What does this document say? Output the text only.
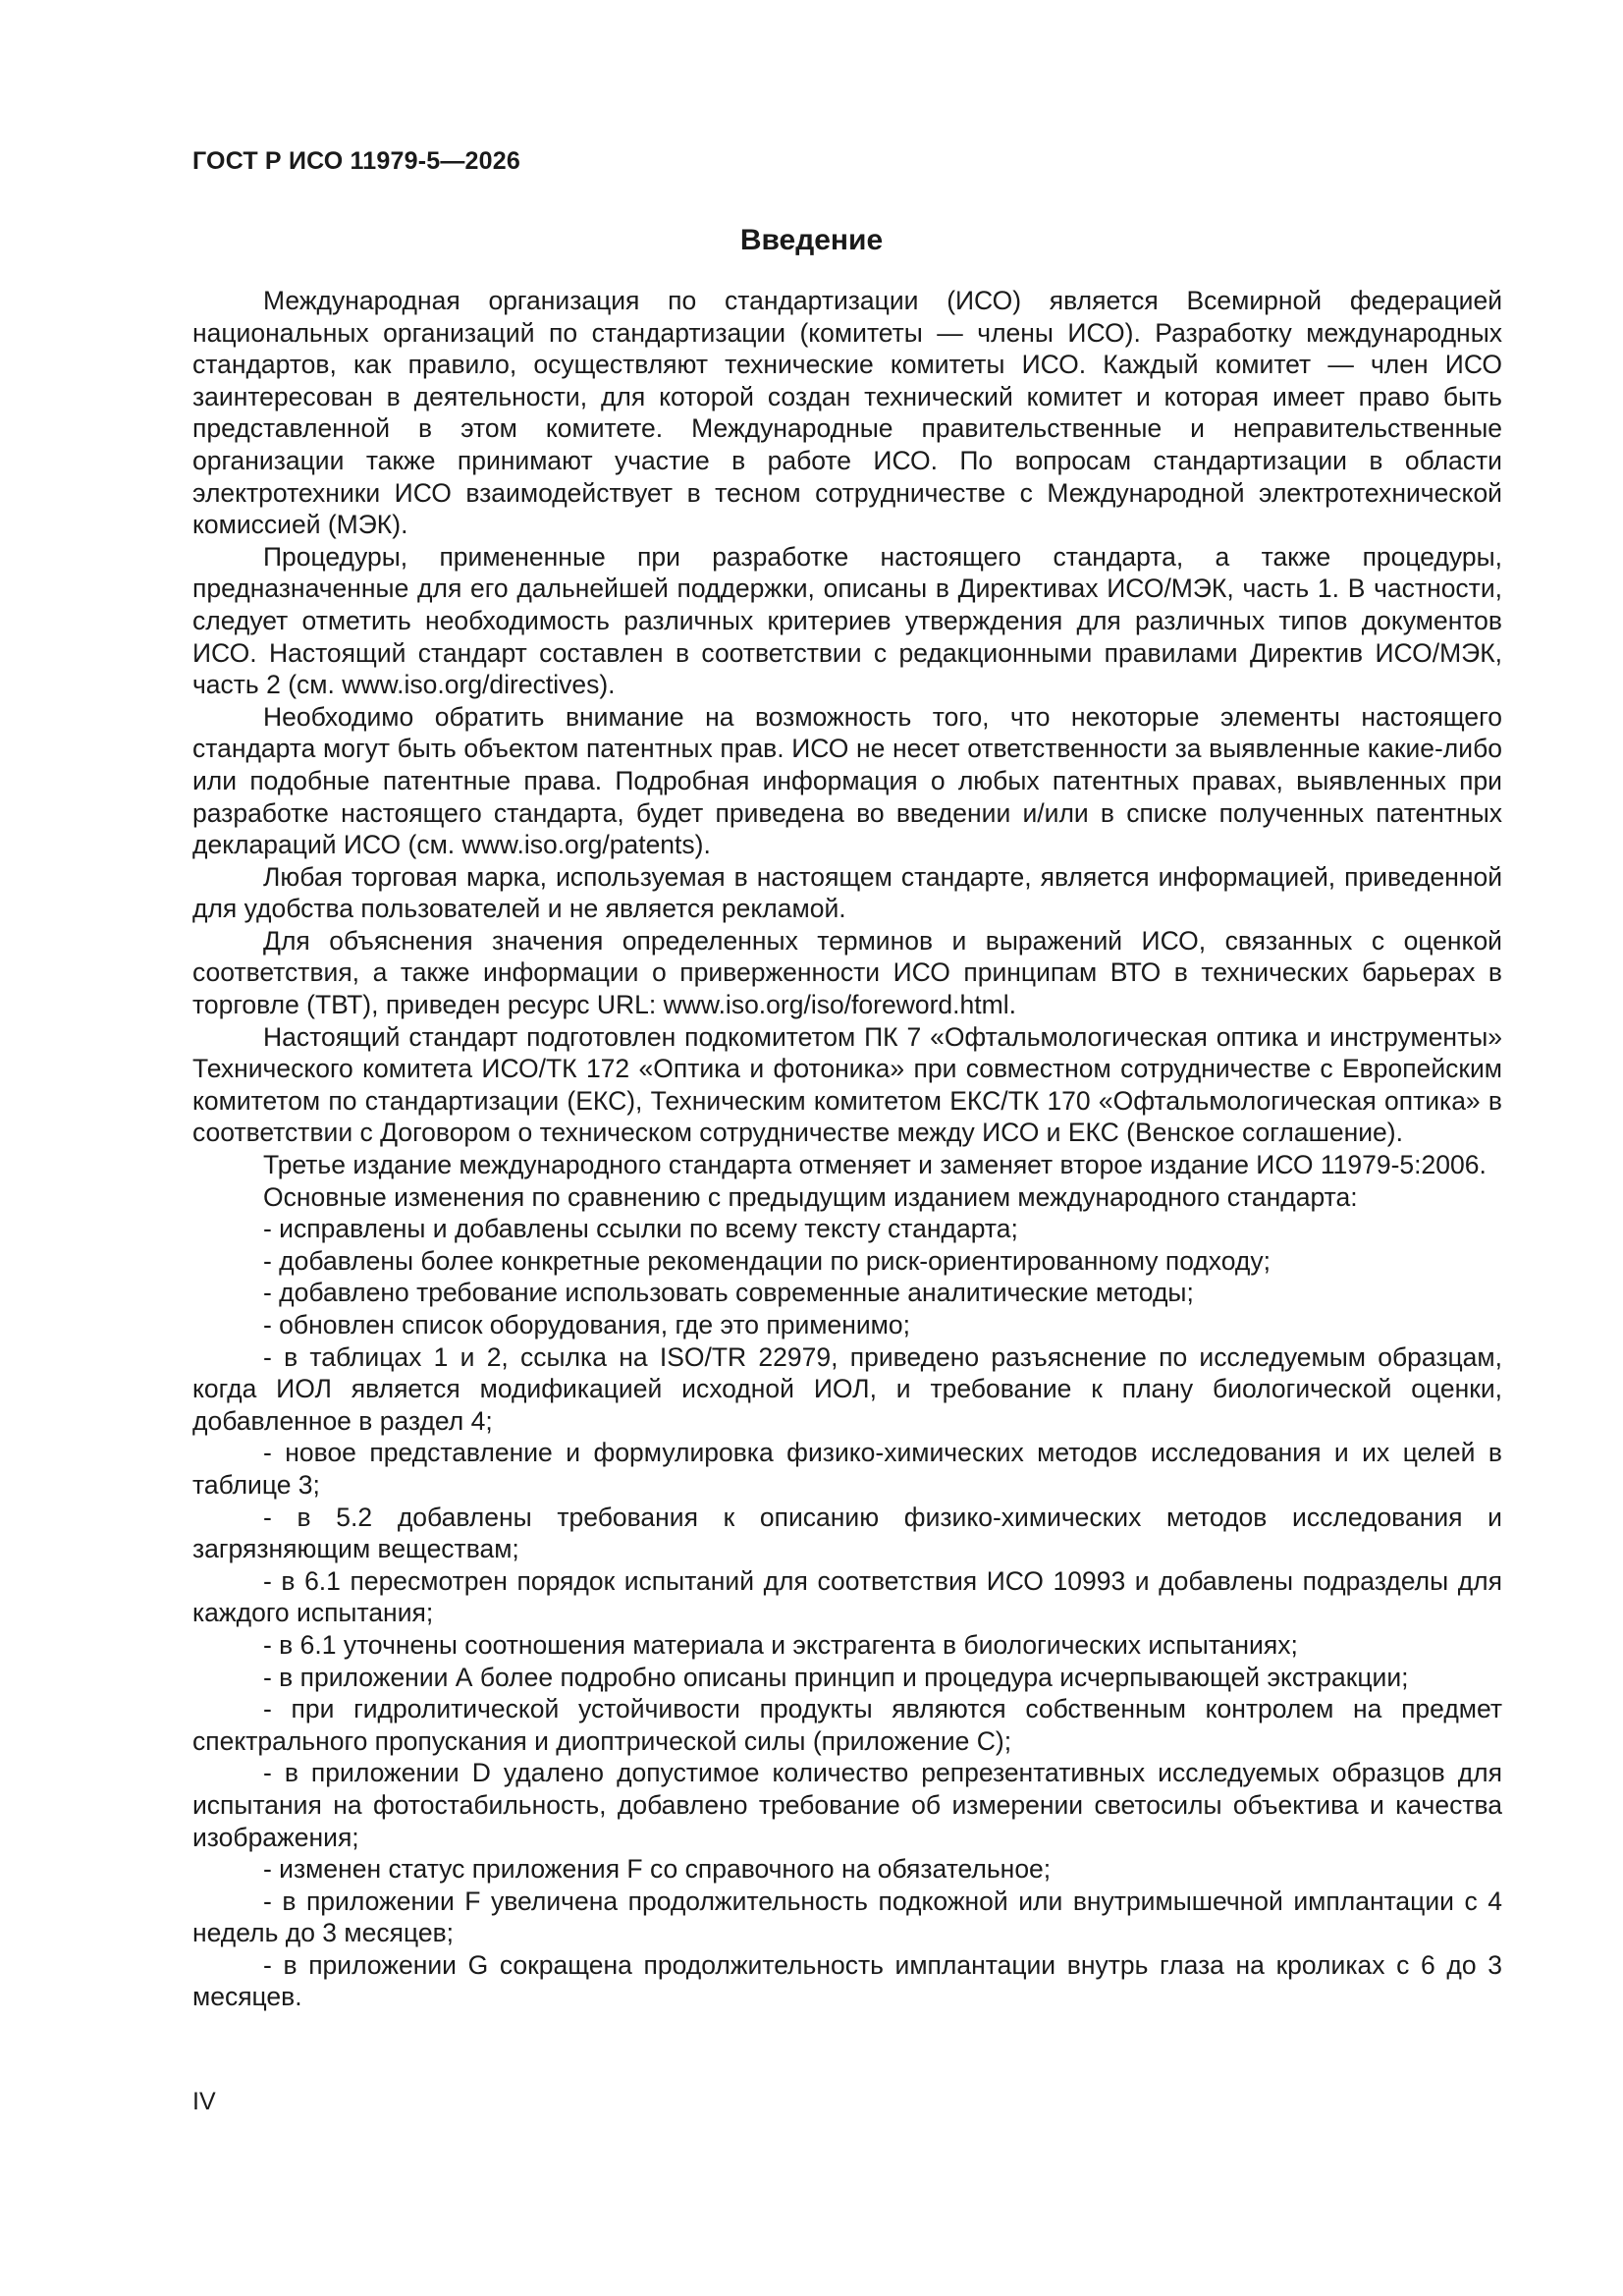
ГОСТ Р ИСО 11979-5—2026
Введение

Международная организация по стандартизации (ИСО) является Всемирной федерацией национальных организаций по стандартизации (комитеты — члены ИСО). Разработку международных стандартов, как правило, осуществляют технические комитеты ИСО. Каждый комитет — член ИСО заинтересован в деятельности, для которой создан технический комитет и которая имеет право быть представленной в этом комитете. Международные правительственные и неправительственные организации также принимают участие в работе ИСО. По вопросам стандартизации в области электротехники ИСО взаимодействует в тесном сотрудничестве с Международной электротехнической комиссией (МЭК).

Процедуры, примененные при разработке настоящего стандарта, а также процедуры, предназначенные для его дальнейшей поддержки, описаны в Директивах ИСО/МЭК, часть 1. В частности, следует отметить необходимость различных критериев утверждения для различных типов документов ИСО. Настоящий стандарт составлен в соответствии с редакционными правилами Директив ИСО/МЭК, часть 2 (см. www.iso.org/directives).

Необходимо обратить внимание на возможность того, что некоторые элементы настоящего стандарта могут быть объектом патентных прав. ИСО не несет ответственности за выявленные какие-либо или подобные патентные права. Подробная информация о любых патентных правах, выявленных при разработке настоящего стандарта, будет приведена во введении и/или в списке полученных патентных деклараций ИСО (см. www.iso.org/patents).

Любая торговая марка, используемая в настоящем стандарте, является информацией, приведенной для удобства пользователей и не является рекламой.

Для объяснения значения определенных терминов и выражений ИСО, связанных с оценкой соответствия, а также информации о приверженности ИСО принципам ВТО в технических барьерах в торговле (ТВТ), приведен ресурс URL: www.iso.org/iso/foreword.html.

Настоящий стандарт подготовлен подкомитетом ПК 7 «Офтальмологическая оптика и инструменты» Технического комитета ИСО/ТК 172 «Оптика и фотоника» при совместном сотрудничестве с Европейским комитетом по стандартизации (ЕКС), Техническим комитетом ЕКС/ТК 170 «Офтальмологическая оптика» в соответствии с Договором о техническом сотрудничестве между ИСО и ЕКС (Венское соглашение).

Третье издание международного стандарта отменяет и заменяет второе издание ИСО 11979-5:2006.

Основные изменения по сравнению с предыдущим изданием международного стандарта:

- исправлены и добавлены ссылки по всему тексту стандарта;

- добавлены более конкретные рекомендации по риск-ориентированному подходу;

- добавлено требование использовать современные аналитические методы;

- обновлен список оборудования, где это применимо;

- в таблицах 1 и 2, ссылка на ISO/TR 22979, приведено разъяснение по исследуемым образцам, когда ИОЛ является модификацией исходной ИОЛ, и требование к плану биологической оценки, добавленное в раздел 4;

- новое представление и формулировка физико-химических методов исследования и их целей в таблице 3;

- в 5.2 добавлены требования к описанию физико-химических методов исследования и загрязняющим веществам;

- в 6.1 пересмотрен порядок испытаний для соответствия ИСО 10993 и добавлены подразделы для каждого испытания;

- в 6.1 уточнены соотношения материала и экстрагента в биологических испытаниях;

- в приложении А более подробно описаны принцип и процедура исчерпывающей экстракции;

- при гидролитической устойчивости продукты являются собственным контролем на предмет спектрального пропускания и диоптрической силы (приложение С);

- в приложении D удалено допустимое количество репрезентативных исследуемых образцов для испытания на фотостабильность, добавлено требование об измерении светосилы объектива и качества изображения;

- изменен статус приложения F со справочного на обязательное;

- в приложении F увеличена продолжительность подкожной или внутримышечной имплантации с 4 недель до 3 месяцев;

- в приложении G сокращена продолжительность имплантации внутрь глаза на кроликах с 6 до 3 месяцев.

IV
